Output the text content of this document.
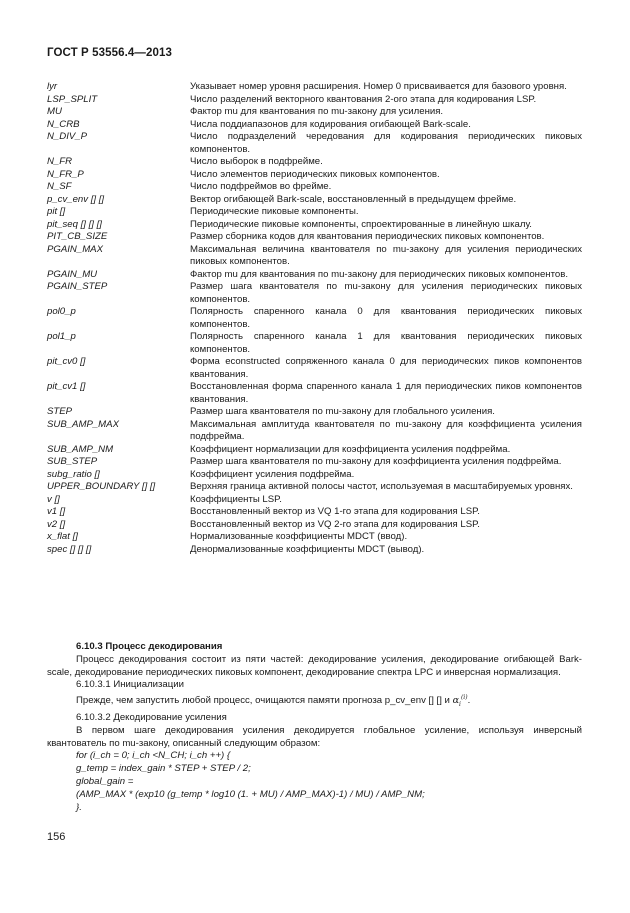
ГОСТ Р 53556.4—2013
lyr	Указывает номер уровня расширения. Номер 0 присваивается для базового уровня.
LSP_SPLIT	Число разделений векторного квантования 2-ого этапа для кодирования LSP.
MU	Фактор mu для квантования по mu-закону для усиления.
N_CRB	Числа поддиапазонов для кодирования огибающей Bark-scale.
N_DIV_P	Число подразделений чередования для кодирования периодических пиковых компонентов.
N_FR	Число выборок в подфрейме.
N_FR_P	Число элементов периодических пиковых компонентов.
N_SF	Число подфреймов во фрейме.
p_cv_env [] []	Вектор огибающей Bark-scale, восстановленный в предыдущем фрейме.
pit []	Периодические пиковые компоненты.
pit_seq [] [] []	Периодические пиковые компоненты, спроектированные в линейную шкалу.
PIT_CB_SIZE	Размер сборника кодов для квантования периодических пиковых компонентов.
PGAIN_MAX	Максимальная величина квантователя по mu-закону для усиления периодических пиковых компонентов.
PGAIN_MU	Фактор mu для квантования по mu-закону для периодических пиковых компонентов.
PGAIN_STEP	Размер шага квантователя по mu-закону для усиления периодических пиковых компонентов.
pol0_p	Полярность спаренного канала 0 для квантования периодических пиковых компонентов.
pol1_p	Полярность спаренного канала 1 для квантования периодических пиковых компонентов.
pit_cv0 []	Форма econstructed сопряженного канала 0 для периодических пиков компонентов квантования.
pit_cv1 []	Восстановленная форма спаренного канала 1 для периодических пиков компонентов квантования.
STEP	Размер шага квантователя по mu-закону для глобального усиления.
SUB_AMP_MAX	Максимальная амплитуда квантователя по mu-закону для коэффициента усиления подфрейма.
SUB_AMP_NM	Коэффициент нормализации для коэффициента усиления подфрейма.
SUB_STEP	Размер шага квантователя по mu-закону для коэффициента усиления подфрейма.
subg_ratio []	Коэффициент усиления подфрейма.
UPPER_BOUNDARY [] []	Верхняя граница активной полосы частот, используемая в масштабируемых уровнях.
v []	Коэффициенты LSP.
v1 []	Восстановленный вектор из VQ 1-го этапа для кодирования LSP.
v2 []	Восстановленный вектор из VQ 2-го этапа для кодирования LSP.
x_flat []	Нормализованные коэффициенты MDCT (ввод).
spec [] [] []	Денормализованные коэффициенты MDCT (вывод).
6.10.3 Процесс декодирования
Процесс декодирования состоит из пяти частей: декодирование усиления, декодирование огибающей Bark-scale, декодирование периодических пиковых компонент, декодирование спектра LPC и инверсная нормализация.
6.10.3.1 Инициализации
Прежде, чем запустить любой процесс, очищаются памяти прогноза p_cv_env [] [] и $\alpha_i^{(i)}$.
6.10.3.2 Декодирование усиления
В первом шаге декодирования усиления декодируется глобальное усиление, используя инверсный квантователь по mu-закону, описанный следующим образом:
for (i_ch = 0; i_ch <N_CH; i_ch ++) {
g_temp = index_gain * STEP + STEP / 2;
global_gain =
(AMP_MAX * (exp10 (g_temp * log10 (1. + MU) / AMP_MAX)-1) / MU) / AMP_NM;
}.
156
